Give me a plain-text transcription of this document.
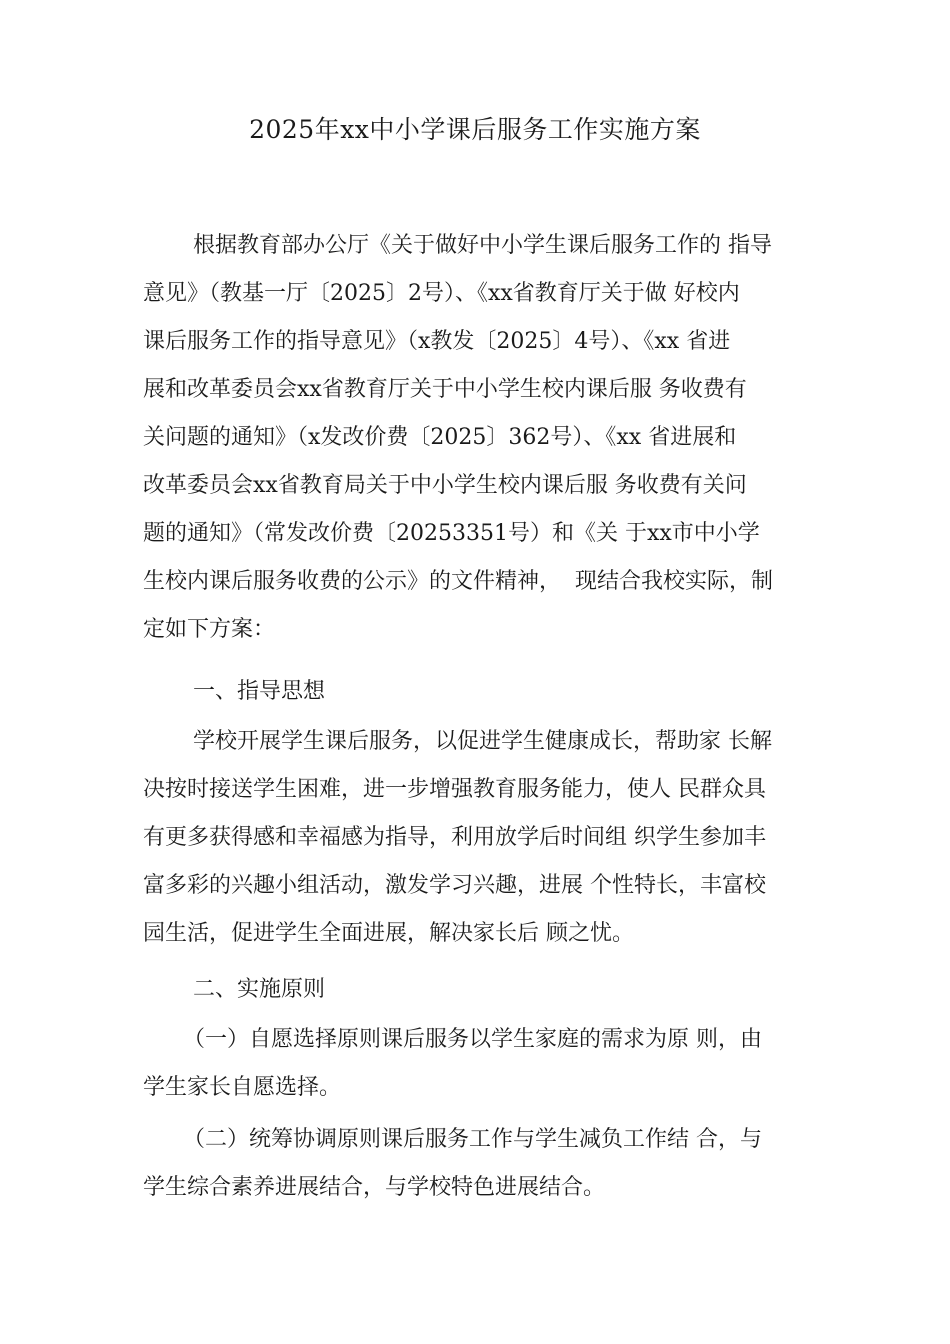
2025年xx中小学课后服务工作实施方案

根据教育部办公厅《关于做好中小学生课后服务工作的 指导

意见》（教基一厅〔2025〕2号）、《xx省教育厅关于做 好校内

课后服务工作的指导意见》（x教发〔2025〕4号）、《xx 省进

展和改革委员会xx省教育厅关于中小学生校内课后服 务收费有

关问题的通知》（x发改价费〔2025〕362号）、《xx 省进展和

改革委员会xx省教育局关于中小学生校内课后服 务收费有关问

题的通知》（常发改价费〔20253351号）和《关 于xx市中小学

生校内课后服务收费的公示》的文件精神，  现结合我校实际，制

定如下方案：

一、指导思想

学校开展学生课后服务，以促进学生健康成长，帮助家 长解

决按时接送学生困难，进一步增强教育服务能力，使人 民群众具

有更多获得感和幸福感为指导，利用放学后时间组 织学生参加丰

富多彩的兴趣小组活动，激发学习兴趣，进展 个性特长，丰富校

园生活，促进学生全面进展，解决家长后 顾之忧。

二、实施原则

（一）自愿选择原则课后服务以学生家庭的需求为原 则，由

学生家长自愿选择。

（二）统筹协调原则课后服务工作与学生减负工作结 合，与

学生综合素养进展结合，与学校特色进展结合。
